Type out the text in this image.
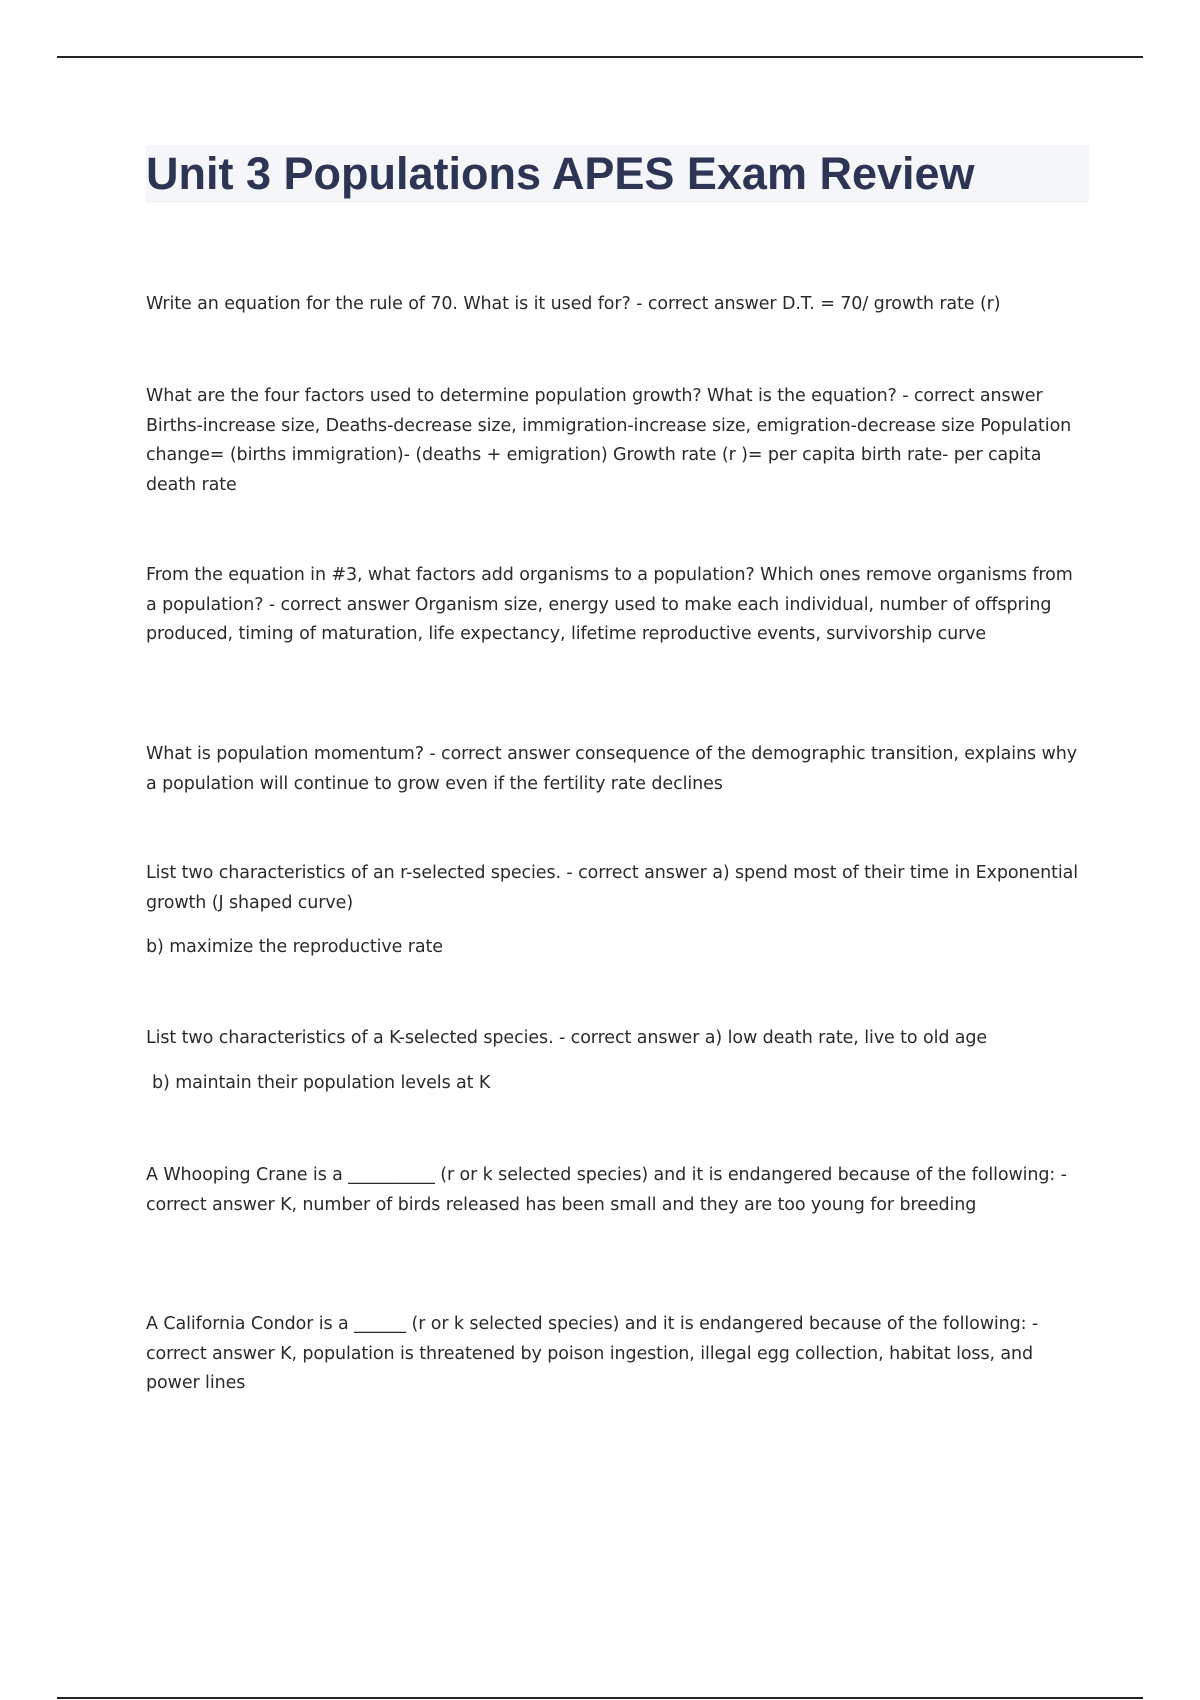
Unit 3 Populations APES Exam Review

Write an equation for the rule of 70. What is it used for? - correct answer D.T. = 70/ growth rate (r)

What are the four factors used to determine population growth? What is the equation? - correct answer Births-increase size, Deaths-decrease size, immigration-increase size, emigration-decrease size Population change= (births immigration)- (deaths + emigration) Growth rate (r )= per capita birth rate- per capita death rate

From the equation in #3, what factors add organisms to a population? Which ones remove organisms from a population? - correct answer Organism size, energy used to make each individual, number of offspring produced, timing of maturation, life expectancy, lifetime reproductive events, survivorship curve

What is population momentum? - correct answer consequence of the demographic transition, explains why a population will continue to grow even if the fertility rate declines

List two characteristics of an r-selected species. - correct answer a) spend most of their time in Exponential growth (J shaped curve)

b) maximize the reproductive rate

List two characteristics of a K-selected species. - correct answer a) low death rate, live to old age

b) maintain their population levels at K

A Whooping Crane is a __________ (r or k selected species) and it is endangered because of the following: - correct answer K, number of birds released has been small and they are too young for breeding

A California Condor is a ______ (r or k selected species) and it is endangered because of the following: - correct answer K, population is threatened by poison ingestion, illegal egg collection, habitat loss, and power lines
